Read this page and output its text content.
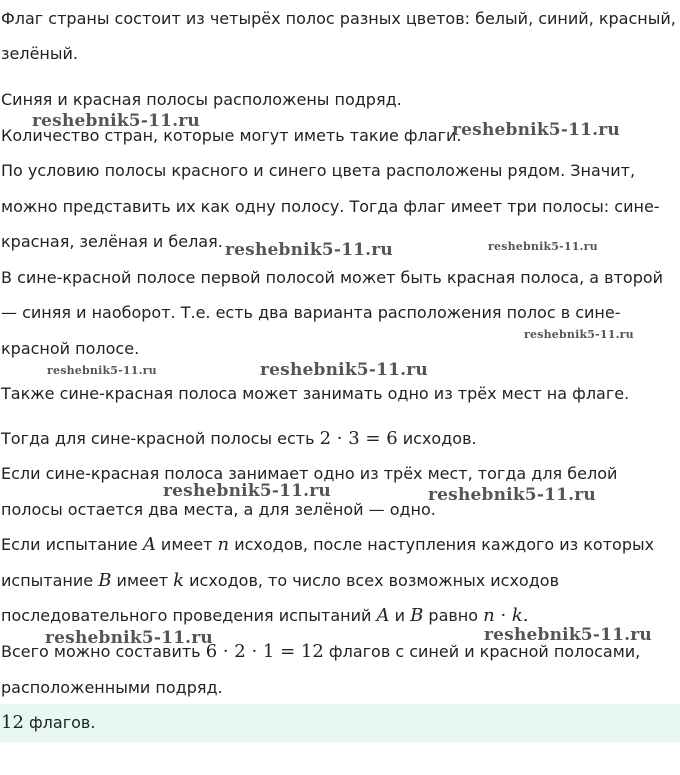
Флаг страны состоит из четырёх полос разных цветов: белый, синий, красный,
зелёный.
Синяя и красная полосы расположены подряд.
Количество стран, которые могут иметь такие флаги.
По условию полосы красного и синего цвета расположены рядом. Значит,
можно представить их как одну полосу. Тогда флаг имеет три полосы: сине-
красная, зелёная и белая.
В сине-красной полосе первой полосой может быть красная полоса, а второй
— синяя и наоборот. Т.е. есть два варианта расположения полос в сине-
красной полосе.
Также сине-красная полоса может занимать одно из трёх мест на флаге.
Тогда для сине-красной полосы есть 2 · 3 = 6 исходов.
Если сине-красная полоса занимает одно из трёх мест, тогда для белой
полосы остается два места, а для зелёной — одно.
Если испытание A имеет n исходов, после наступления каждого из которых
испытание B имеет k исходов, то число всех возможных исходов
последовательного проведения испытаний A и B равно n · k.
Всего можно составить 6 · 2 · 1 = 12 флагов с синей и красной полосами,
расположенными подряд.
12 флагов.
reshebnik5-11.ru	reshebnik5-11.ru
reshebnik5-11.ru	reshebnik5-11.ru
reshebnik5-11.ru
reshebnik5-11.ru	reshebnik5-11.ru
reshebnik5-11.ru	reshebnik5-11.ru
reshebnik5-11.ru	reshebnik5-11.ru
